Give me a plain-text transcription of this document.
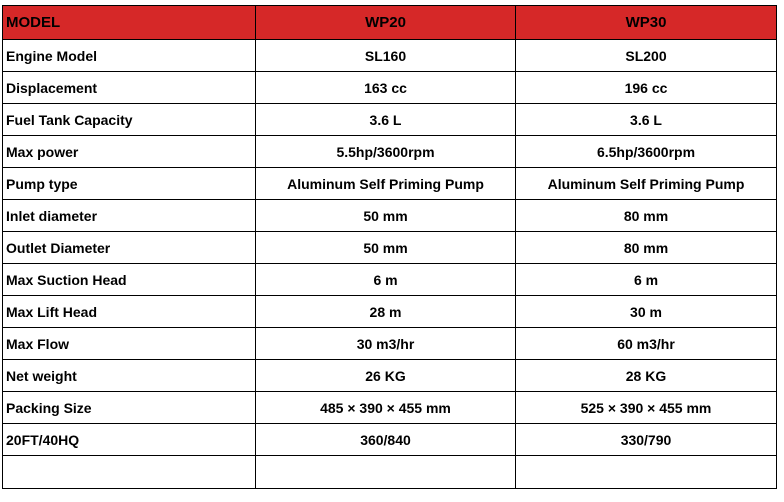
MODEL	WP20	WP30
Engine Model	SL160	SL200
Displacement	163 cc	196 cc
Fuel Tank Capacity	3.6 L	3.6 L
Max power	5.5hp/3600rpm	6.5hp/3600rpm
Pump type	Aluminum Self Priming Pump	Aluminum Self Priming Pump
Inlet diameter	50 mm	80 mm
Outlet Diameter	50 mm	80 mm
Max Suction Head	6 m	6 m
Max Lift Head	28 m	30 m
Max Flow	30 m3/hr	60 m3/hr
Net weight	26 KG	28 KG
Packing Size	485 × 390 × 455 mm	525 × 390 × 455 mm
20FT/40HQ	360/840	330/790
